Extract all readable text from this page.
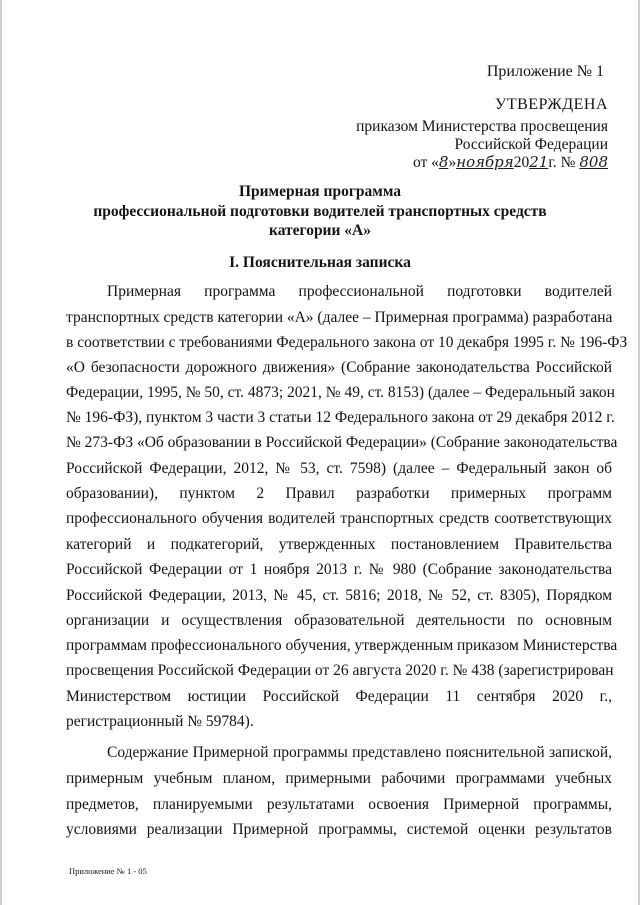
Приложение № 1
УТВЕРЖДЕНА
приказом Министерства просвещения
Российской Федерации
от «8»ноября2021г. № 808
Примерная программа
профессиональной подготовки водителей транспортных средств
категории «А»
I. Пояснительная записка
Примерная программа профессиональной подготовки водителей
транспортных средств категории «А» (далее – Примерная программа) разработана
в соответствии с требованиями Федерального закона от 10 декабря 1995 г. № 196-ФЗ
«О безопасности дорожного движения» (Собрание законодательства Российской
Федерации, 1995, № 50, ст. 4873; 2021, № 49, ст. 8153) (далее – Федеральный закон
№ 196-ФЗ), пунктом 3 части 3 статьи 12 Федерального закона от 29 декабря 2012 г.
№ 273-ФЗ «Об образовании в Российской Федерации» (Собрание законодательства
Российской Федерации, 2012, № 53, ст. 7598) (далее – Федеральный закон об
образовании), пунктом 2 Правил разработки примерных программ
профессионального обучения водителей транспортных средств соответствующих
категорий и подкатегорий, утвержденных постановлением Правительства
Российской Федерации от 1 ноября 2013 г. № 980 (Собрание законодательства
Российской Федерации, 2013, № 45, ст. 5816; 2018, № 52, ст. 8305), Порядком
организации и осуществления образовательной деятельности по основным
программам профессионального обучения, утвержденным приказом Министерства
просвещения Российской Федерации от 26 августа 2020 г. № 438 (зарегистрирован
Министерством юстиции Российской Федерации 11 сентября 2020 г.,
регистрационный № 59784).
Содержание Примерной программы представлено пояснительной запиской,
примерным учебным планом, примерными рабочими программами учебных
предметов, планируемыми результатами освоения Примерной программы,
условиями реализации Примерной программы, системой оценки результатов
Приложение № 1 - 05
